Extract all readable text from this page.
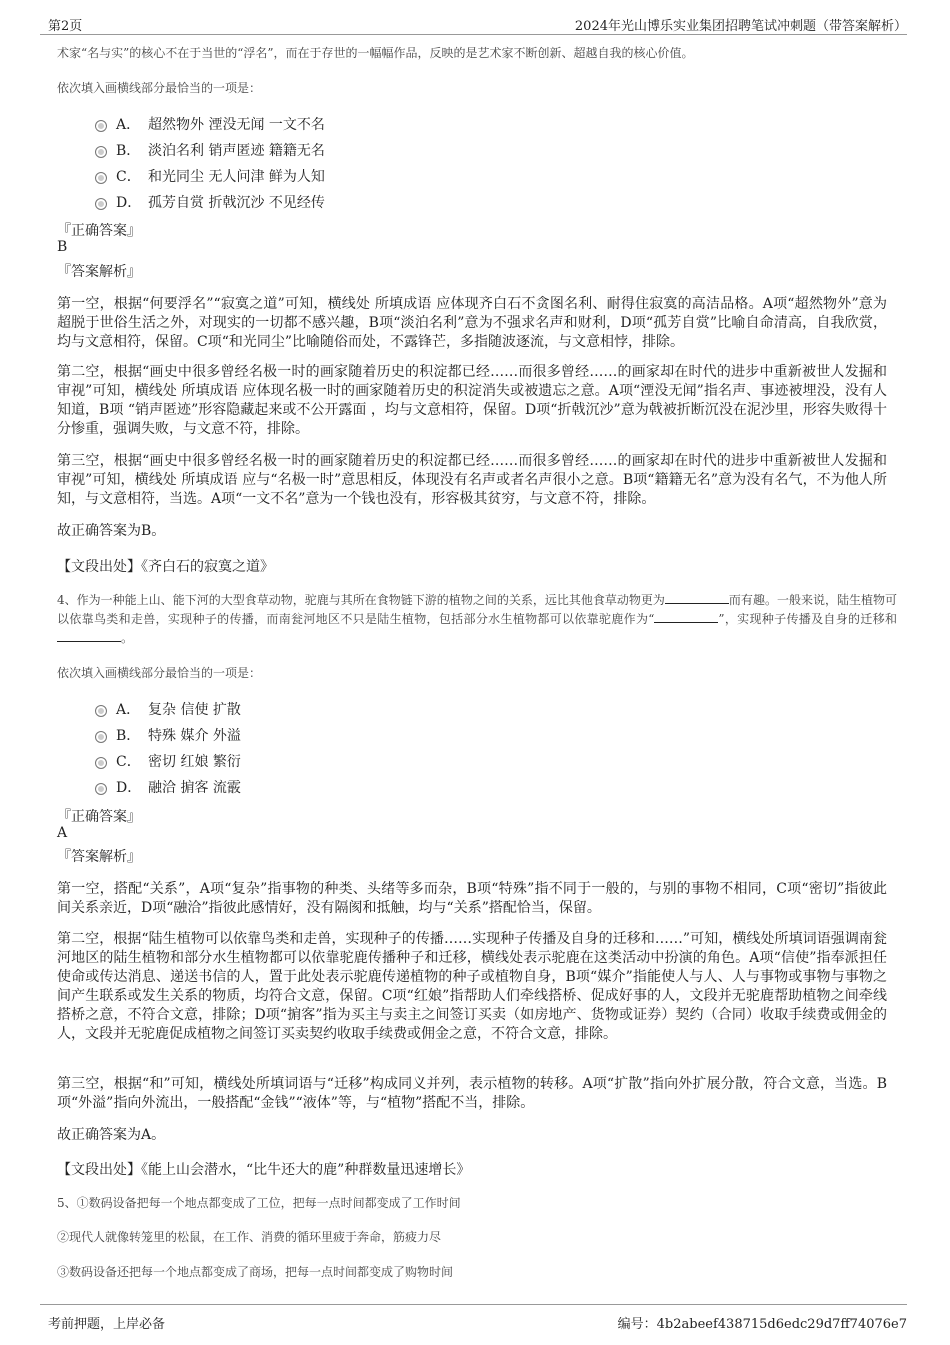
第2页	2024年光山博乐实业集团招聘笔试冲刺题（带答案解析）
术家“名与实”的核心不在于当世的“浮名”，而在于存世的一幅幅作品，反映的是艺术家不断创新、超越自我的核心价值。
依次填入画横线部分最恰当的一项是：
A． 超然物外 湮没无闻 一文不名
B． 淡泊名利 销声匿迹 籍籍无名
C． 和光同尘 无人问津 鲜为人知
D． 孤芳自赏 折戟沉沙 不见经传
『正确答案』
B
『答案解析』
第一空，根据“何要浮名”“寂寞之道”可知，横线处 所填成语 应体现齐白石不贪图名利、耐得住寂寞的高洁品格。A项“超然物外”意为超脱于世俗生活之外，对现实的一切都不感兴趣，B项“淡泊名利”意为不强求名声和财利，D项“孤芳自赏”比喻自命清高，自我欣赏，均与文意相符，保留。C项“和光同尘”比喻随俗而处，不露锋芒，多指随波逐流，与文意相悖，排除。
第二空，根据“画史中很多曾经名极一时的画家随着历史的积淀都已经……而很多曾经……的画家却在时代的进步中重新被世人发掘和审视”可知，横线处 所填成语 应体现名极一时的画家随着历史的积淀消失或被遗忘之意。A项“湮没无闻”指名声、事迹被埋没，没有人知道，B项 “销声匿迹”形容隐藏起来或不公开露面 ，均与文意相符，保留。D项“折戟沉沙”意为戟被折断沉没在泥沙里，形容失败得十分惨重，强调失败，与文意不符，排除。
第三空，根据“画史中很多曾经名极一时的画家随着历史的积淀都已经……而很多曾经……的画家却在时代的进步中重新被世人发掘和审视”可知，横线处 所填成语 应与“名极一时”意思相反，体现没有名声或者名声很小之意。B项“籍籍无名”意为没有名气，不为他人所知，与文意相符，当选。A项“一文不名”意为一个钱也没有，形容极其贫穷，与文意不符，排除。
故正确答案为B。
【文段出处】《齐白石的寂寞之道》
4、作为一种能上山、能下河的大型食草动物，驼鹿与其所在食物链下游的植物之间的关系，远比其他食草动物更为	而有趣。一般来说，陆生植物可以依靠鸟类和走兽，实现种子的传播，而南瓮河地区不只是陆生植物，包括部分水生植物都可以依靠驼鹿作为“	”，实现种子传播及自身的迁移和。
依次填入画横线部分最恰当的一项是：
A． 复杂 信使 扩散
B． 特殊 媒介 外溢
C． 密切 红娘 繁衍
D． 融洽 掮客 流霰
『正确答案』
A
『答案解析』
第一空，搭配“关系”，A项“复杂”指事物的种类、头绪等多而杂，B项“特殊”指不同于一般的，与别的事物不相同，C项“密切”指彼此间关系亲近，D项“融洽”指彼此感情好，没有隔阂和抵触，均与“关系”搭配恰当，保留。
第二空，根据“陆生植物可以依靠鸟类和走兽，实现种子的传播……实现种子传播及自身的迁移和……”可知，横线处所填词语强调南瓮河地区的陆生植物和部分水生植物都可以依靠驼鹿传播种子和迁移，横线处表示驼鹿在这类活动中扮演的角色。A项“信使”指奉派担任使命或传达消息、递送书信的人，置于此处表示驼鹿传递植物的种子或植物自身，B项“媒介”指能使人与人、人与事物或事物与事物之间产生联系或发生关系的物质，均符合文意，保留。C项“红娘”指帮助人们牵线搭桥、促成好事的人，文段并无驼鹿帮助植物之间牵线搭桥之意，不符合文意，排除；D项“掮客”指为买主与卖主之间签订买卖（如房地产、货物或证券）契约（合同）收取手续费或佣金的人，文段并无驼鹿促成植物之间签订买卖契约收取手续费或佣金之意，不符合文意，排除。
第三空，根据“和”可知，横线处所填词语与“迁移”构成同义并列，表示植物的转移。A项“扩散”指向外扩展分散，符合文意，当选。B项“外溢”指向外流出，一般搭配“金钱”“液体”等，与“植物”搭配不当，排除。
故正确答案为A。
【文段出处】《能上山会潜水，“比牛还大的鹿”种群数量迅速增长》
5、①数码设备把每一个地点都变成了工位，把每一点时间都变成了工作时间
②现代人就像转笼里的松鼠，在工作、消费的循环里疲于奔命，筋疲力尽
③数码设备还把每一个地点都变成了商场，把每一点时间都变成了购物时间
考前押题，上岸必备	编号：4b2abeef438715d6edc29d7ff74076e7
